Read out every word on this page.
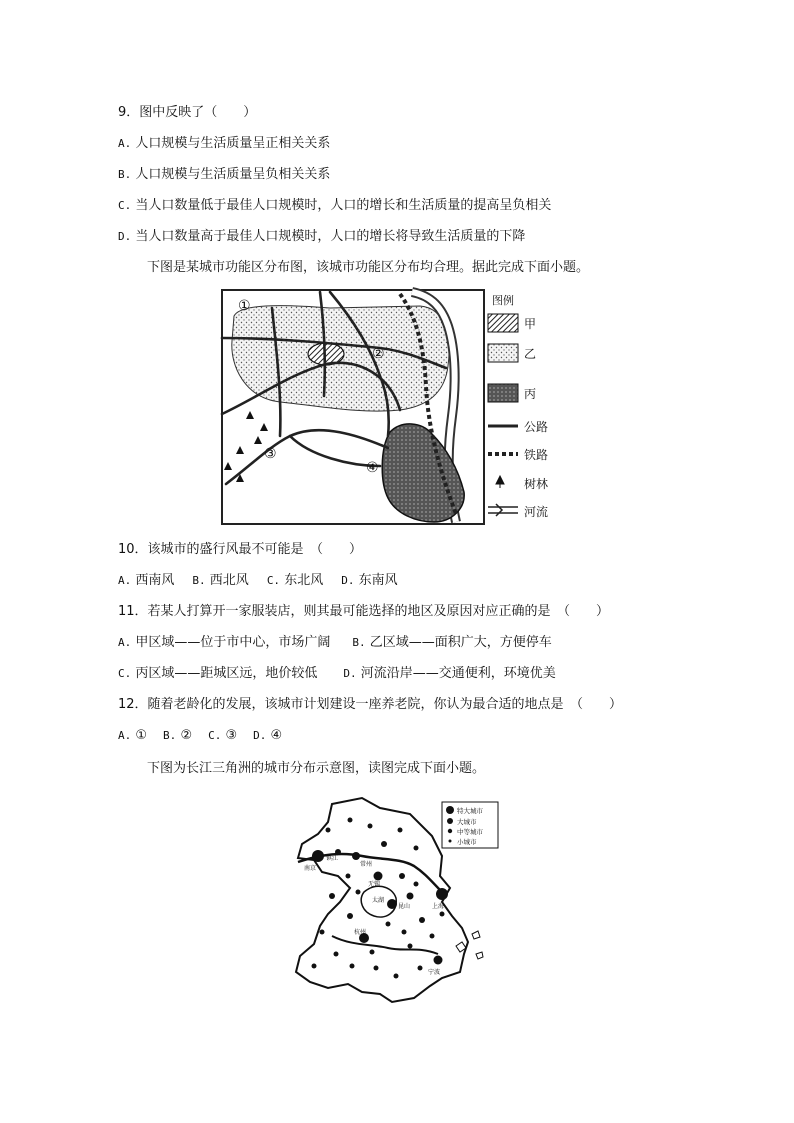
9．图中反映了（　　）
A. 人口规模与生活质量呈正相关关系
B. 人口规模与生活质量呈负相关关系
C. 当人口数量低于最佳人口规模时，人口的增长和生活质量的提高呈负相关
D. 当人口数量高于最佳人口规模时，人口的增长将导致生活质量的下降
下图是某城市功能区分布图，该城市功能区分布均合理。据此完成下面小题。
①
②
③
④
图例
甲
乙
丙
公路
铁路
树林
河流
10．该城市的盛行风最不可能是　（　　）
A. 西南风 B. 西北风 C. 东北风 D. 东南风
11．若某人打算开一家服装店，则其最可能选择的地区及原因对应正确的是　（　　）
A. 甲区域——位于市中心，市场广阔 B. 乙区域——面积广大，方便停车
C. 丙区域——距城区远，地价较低 D. 河流沿岸——交通便利，环境优美
12．随着老龄化的发展，该城市计划建设一座养老院，你认为最合适的地点是　（　　）
A. ① B. ② C. ③ D. ④
下图为长江三角洲的城市分布示意图，读图完成下面小题。
南京
镇江
常州
无锡
太湖
昆山	上海
杭州
宁波
特大城市
大城市
中等城市
小城市
